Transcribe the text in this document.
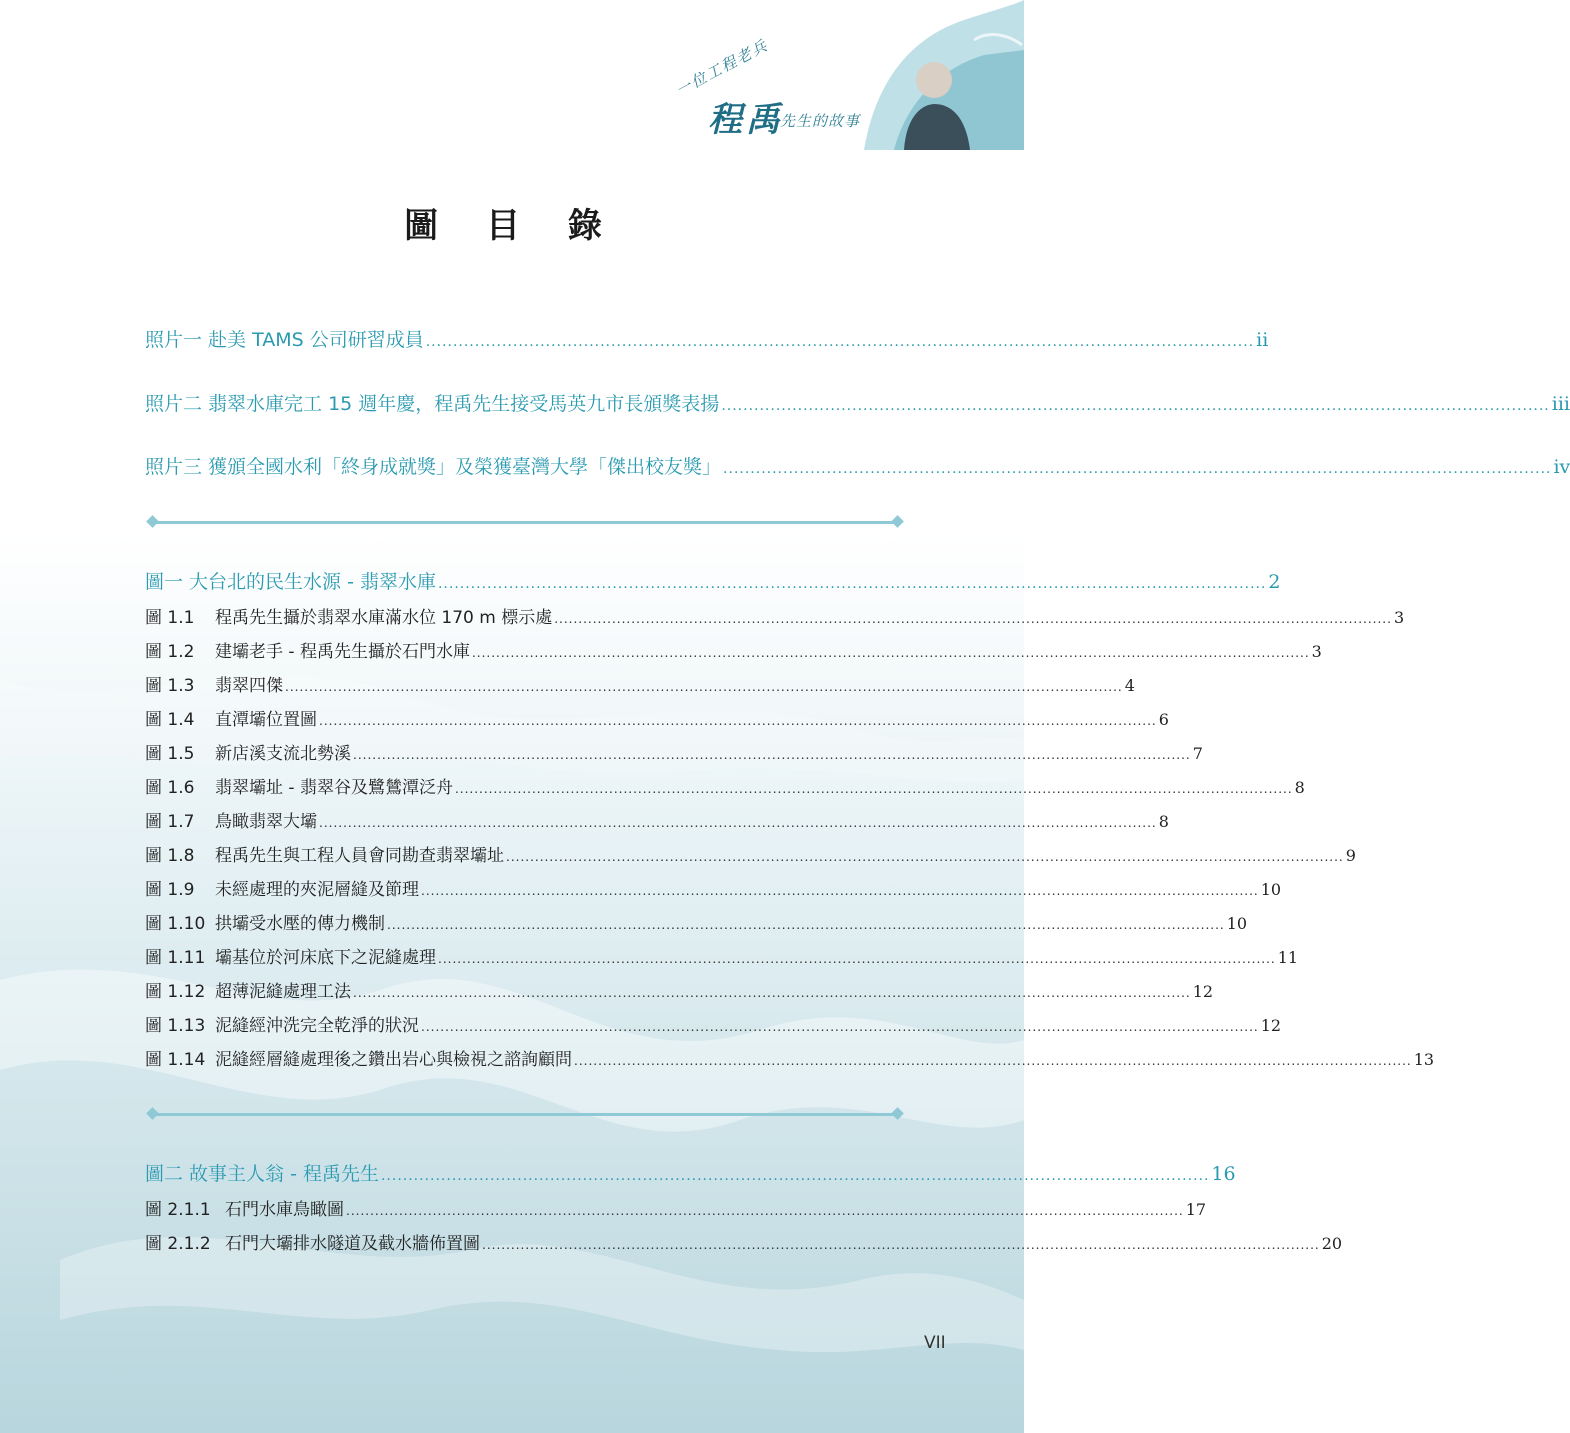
一位工程老兵
程禹
先生的故事
圖 目 錄
照片一 赴美 TAMS 公司研習成員 ........................................................................................................................................................ ii
照片二 翡翠水庫完工 15 週年慶，程禹先生接受馬英九市長頒獎表揚 ........................................................................................................................................................ iii
照片三 獲頒全國水利「終身成就獎」及榮獲臺灣大學「傑出校友獎」 ........................................................................................................................................................ iv
圖一 大台北的民生水源 - 翡翠水庫 ........................................................................................................................................................ 2
圖 1.1 程禹先生攝於翡翠水庫滿水位 170 m 標示處 .............................................................................................................................................................................. 3
圖 1.2 建壩老手 - 程禹先生攝於石門水庫 .............................................................................................................................................................................. 3
圖 1.3 翡翠四傑 .............................................................................................................................................................................. 4
圖 1.4 直潭壩位置圖 .............................................................................................................................................................................. 6
圖 1.5 新店溪支流北勢溪 .............................................................................................................................................................................. 7
圖 1.6 翡翠壩址 - 翡翠谷及鷺鷥潭泛舟 .............................................................................................................................................................................. 8
圖 1.7 鳥瞰翡翠大壩 .............................................................................................................................................................................. 8
圖 1.8 程禹先生與工程人員會同勘查翡翠壩址 .............................................................................................................................................................................. 9
圖 1.9 未經處理的夾泥層縫及節理 .............................................................................................................................................................................. 10
圖 1.10 拱壩受水壓的傳力機制 .............................................................................................................................................................................. 10
圖 1.11 壩基位於河床底下之泥縫處理 .............................................................................................................................................................................. 11
圖 1.12 超薄泥縫處理工法 .............................................................................................................................................................................. 12
圖 1.13 泥縫經沖洗完全乾淨的狀況 .............................................................................................................................................................................. 12
圖 1.14 泥縫經層縫處理後之鑽出岩心與檢視之諮詢顧問 .............................................................................................................................................................................. 13
圖二 故事主人翁 - 程禹先生 ........................................................................................................................................................ 16
圖 2.1.1 石門水庫鳥瞰圖 .............................................................................................................................................................................. 17
圖 2.1.2 石門大壩排水隧道及截水牆佈置圖 .............................................................................................................................................................................. 20
VII
